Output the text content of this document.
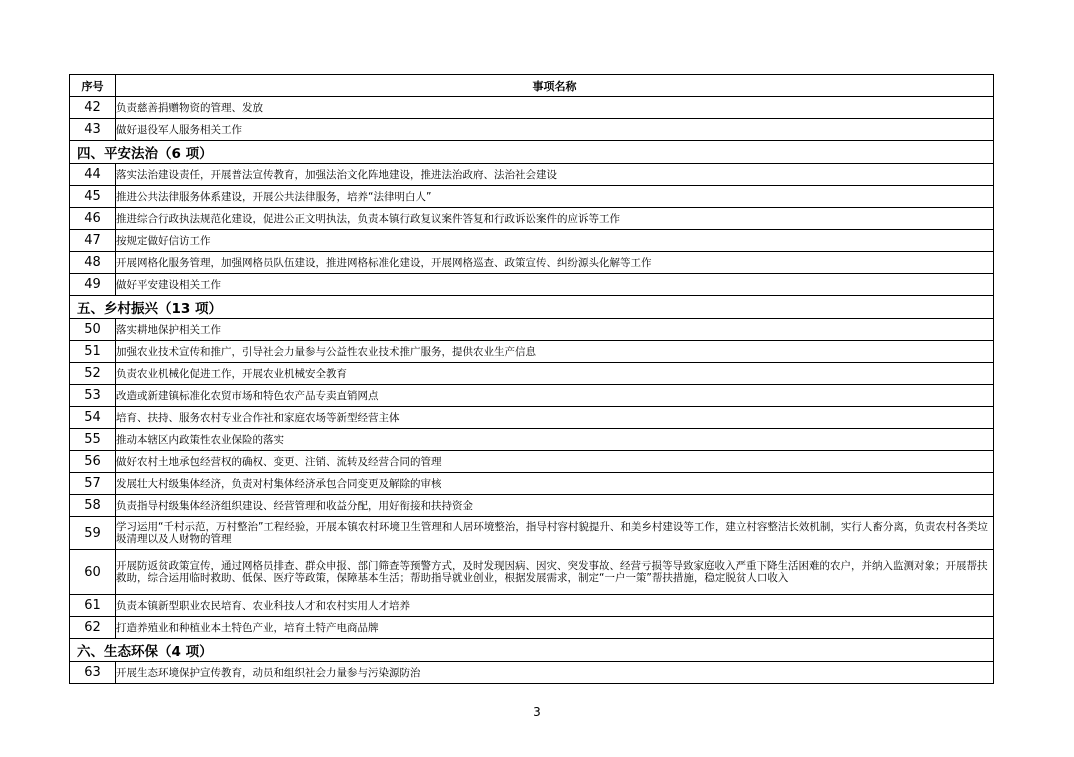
序号	事项名称
42	负责慈善捐赠物资的管理、发放
43	做好退役军人服务相关工作
四、平安法治（6 项）	
44	落实法治建设责任，开展普法宣传教育，加强法治文化阵地建设，推进法治政府、法治社会建设
45	推进公共法律服务体系建设，开展公共法律服务，培养“法律明白人”
46	推进综合行政执法规范化建设，促进公正文明执法，负责本镇行政复议案件答复和行政诉讼案件的应诉等工作
47	按规定做好信访工作
48	开展网格化服务管理，加强网格员队伍建设，推进网格标准化建设，开展网格巡查、政策宣传、纠纷源头化解等工作
49	做好平安建设相关工作
五、乡村振兴（13 项）	
50	落实耕地保护相关工作
51	加强农业技术宣传和推广，引导社会力量参与公益性农业技术推广服务，提供农业生产信息
52	负责农业机械化促进工作，开展农业机械安全教育
53	改造或新建镇标准化农贸市场和特色农产品专卖直销网点
54	培育、扶持、服务农村专业合作社和家庭农场等新型经营主体
55	推动本辖区内政策性农业保险的落实
56	做好农村土地承包经营权的确权、变更、注销、流转及经营合同的管理
57	发展壮大村级集体经济，负责对村集体经济承包合同变更及解除的审核
58	负责指导村级集体经济组织建设、经营管理和收益分配，用好衔接和扶持资金
59	学习运用“千村示范，万村整治”工程经验，开展本镇农村环境卫生管理和人居环境整治，指导村容村貌提升、和美乡村建设等工作，建立村容整洁长效机制，实行人畜分离，负责农村各类垃圾清理以及人财物的管理
60	开展防返贫政策宣传，通过网格员排查、群众申报、部门筛查等预警方式，及时发现因病、因灾、突发事故、经营亏损等导致家庭收入严重下降生活困难的农户，并纳入监测对象；开展帮扶救助，综合运用临时救助、低保、医疗等政策，保障基本生活；帮助指导就业创业，根据发展需求，制定“一户一策”帮扶措施，稳定脱贫人口收入
61	负责本镇新型职业农民培育、农业科技人才和农村实用人才培养
62	打造养殖业和种植业本土特色产业，培育土特产电商品牌
六、生态环保（4 项）	
63	开展生态环境保护宣传教育，动员和组织社会力量参与污染源防治
3
